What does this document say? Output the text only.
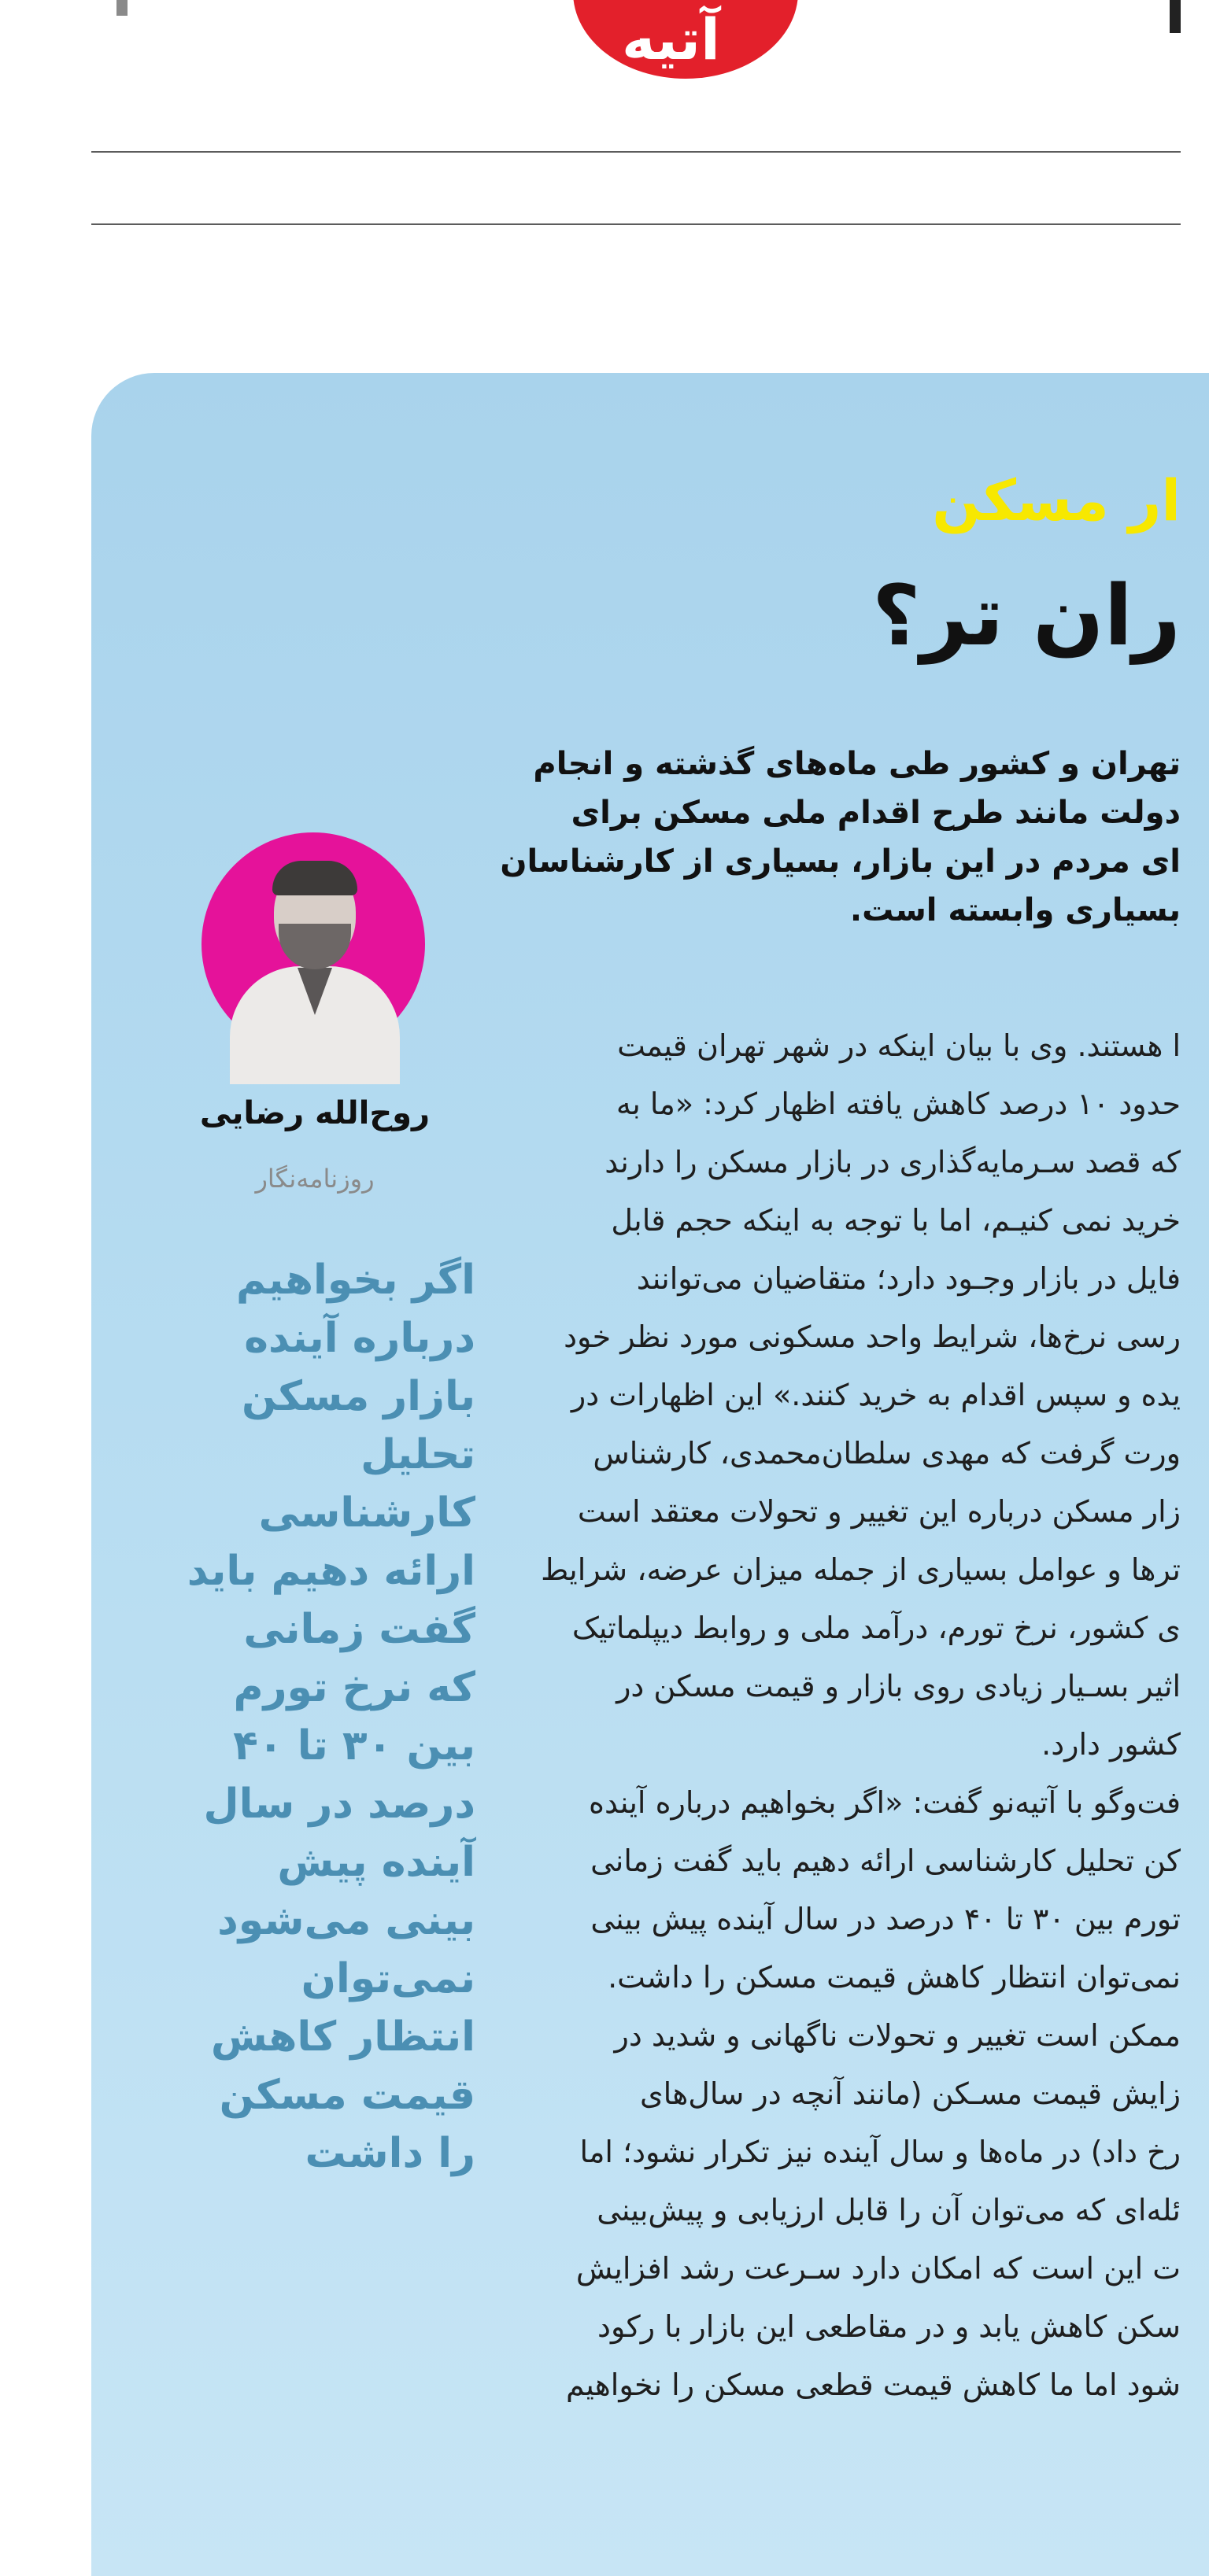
آتیه
ار مسکن
ران تر؟
تهران و کشور طی ماه‌های گذشته و انجام
دولت مانند طرح اقدام ملی مسکن برای
ای مردم در این بازار، بسیاری از کارشناسان
بسیاری وابسته است.
روح‌الله رضایی
روزنامه‌نگار
اگر بخواهیم
درباره آینده
بازار مسکن
تحلیل
کارشناسی
ارائه دهیم باید
گفت زمانی
که نرخ تورم
بین ۳۰ تا ۴۰
درصد در سال
آینده پیش
بینی می‌شود
نمی‌توان
انتظار کاهش
قیمت مسکن
را داشت
ا هستند. وی با بیان اینکه در شهر تهران قیمت
حدود ۱۰ درصد کاهش یافته اظهار کرد: «ما به
که قصد سـرمایه‌گذاری در بازار مسکن را دارند
خرید نمی‌ کنیـم، اما با توجه به اینکه حجم قابل
فایل در بازار وجـود دارد؛ متقاضیان می‌توانند
رسی نرخ‌ها، شرایط واحد مسکونی مورد نظر خود
یده و سپس اقدام به خرید کنند.» این اظهارات در
ورت گرفت که مهدی سلطان‌محمدی، کارشناس
زار مسکن درباره این تغییر و تحولات معتقد است
تر‌ها و عوامل بسیاری از جمله میزان عرضه، شرایط
ی کشور، نرخ تورم، درآمد ملی و روابط دیپلماتیک
اثیر بسـیار زیادی روی بازار و قیمت مسکن در
کشور دارد.
فت‌وگو با آتیه‌نو گفت: «اگر بخواهیم درباره آینده
کن تحلیل کارشناسی ارائه دهیم باید گفت زمانی
تورم بین ۳۰ تا ۴۰ درصد در سال آینده پیش بینی
نمی‌توان انتظار کاهش قیمت مسکن را داشت.
ممکن است تغییر و تحولات ناگهانی و شدید در
زایش قیمت مسـکن (مانند آنچه در سال‌های
رخ داد) در ماه‌ها و سال آینده نیز تکرار نشود؛ اما
ئله‌ای که می‌توان آن را قابل ارزیابی و پیش‌بینی
ت این است که امکان دارد سـرعت رشد افزایش
سکن کاهش یابد و در مقاطعی این بازار با رکود
شود اما ما کاهش قیمت قطعی مسکن را نخواهیم
